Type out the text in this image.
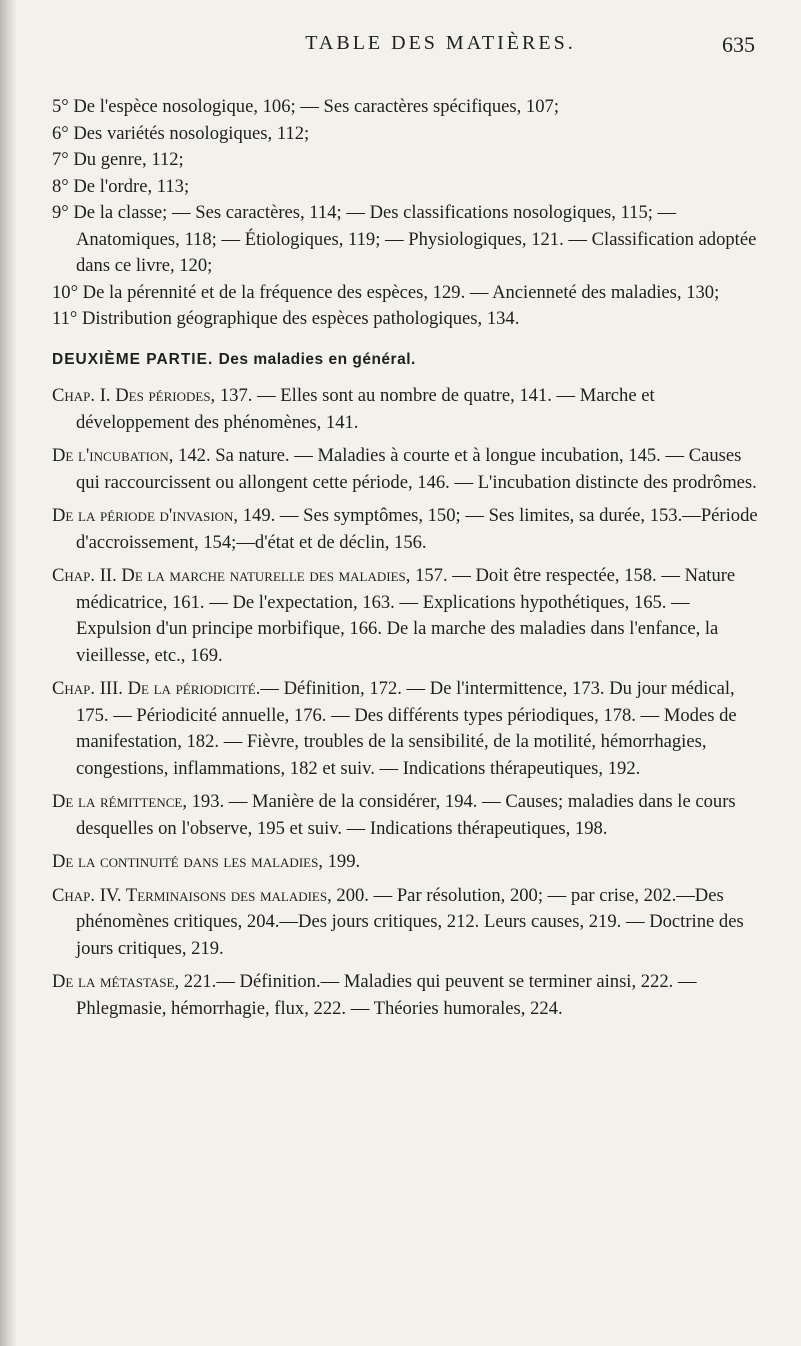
TABLE DES MATIÈRES.	635

5° De l'espèce nosologique, 106; — Ses caractères spécifiques, 107;

6° Des variétés nosologiques, 112;

7° Du genre, 112;

8° De l'ordre, 113;

9° De la classe; — Ses caractères, 114; — Des classifications nosologiques, 115; — Anatomiques, 118; — Étiologiques, 119; — Physiologiques, 121. — Classification adoptée dans ce livre, 120;

10° De la pérennité et de la fréquence des espèces, 129. — Ancienneté des maladies, 130;

11° Distribution géographique des espèces pathologiques, 134.

DEUXIÈME PARTIE. Des maladies en général.

Chap. I. Des périodes, 137. — Elles sont au nombre de quatre, 141. — Marche et développement des phénomènes, 141.

De l'incubation, 142. Sa nature. — Maladies à courte et à longue incubation, 145. — Causes qui raccourcissent ou allongent cette période, 146. — L'incubation distincte des prodrômes.

De la période d'invasion, 149. — Ses symptômes, 150; — Ses limites, sa durée, 153.—Période d'accroissement, 154;—d'état et de déclin, 156.

Chap. II. De la marche naturelle des maladies, 157. — Doit être respectée, 158. — Nature médicatrice, 161. — De l'expectation, 163. — Explications hypothétiques, 165. — Expulsion d'un principe morbifique, 166. De la marche des maladies dans l'enfance, la vieillesse, etc., 169.

Chap. III. De la périodicité.— Définition, 172. — De l'intermittence, 173. Du jour médical, 175. — Périodicité annuelle, 176. — Des différents types périodiques, 178. — Modes de manifestation, 182. — Fièvre, troubles de la sensibilité, de la motilité, hémorrhagies, congestions, inflammations, 182 et suiv. — Indications thérapeutiques, 192.

De la rémittence, 193. — Manière de la considérer, 194. — Causes; maladies dans le cours desquelles on l'observe, 195 et suiv. — Indications thérapeutiques, 198.

De la continuité dans les maladies, 199.

Chap. IV. Terminaisons des maladies, 200. — Par résolution, 200; — par crise, 202.—Des phénomènes critiques, 204.—Des jours critiques, 212. Leurs causes, 219. — Doctrine des jours critiques, 219.

De la métastase, 221.— Définition.— Maladies qui peuvent se terminer ainsi, 222. — Phlegmasie, hémorrhagie, flux, 222. — Théories humorales, 224.
